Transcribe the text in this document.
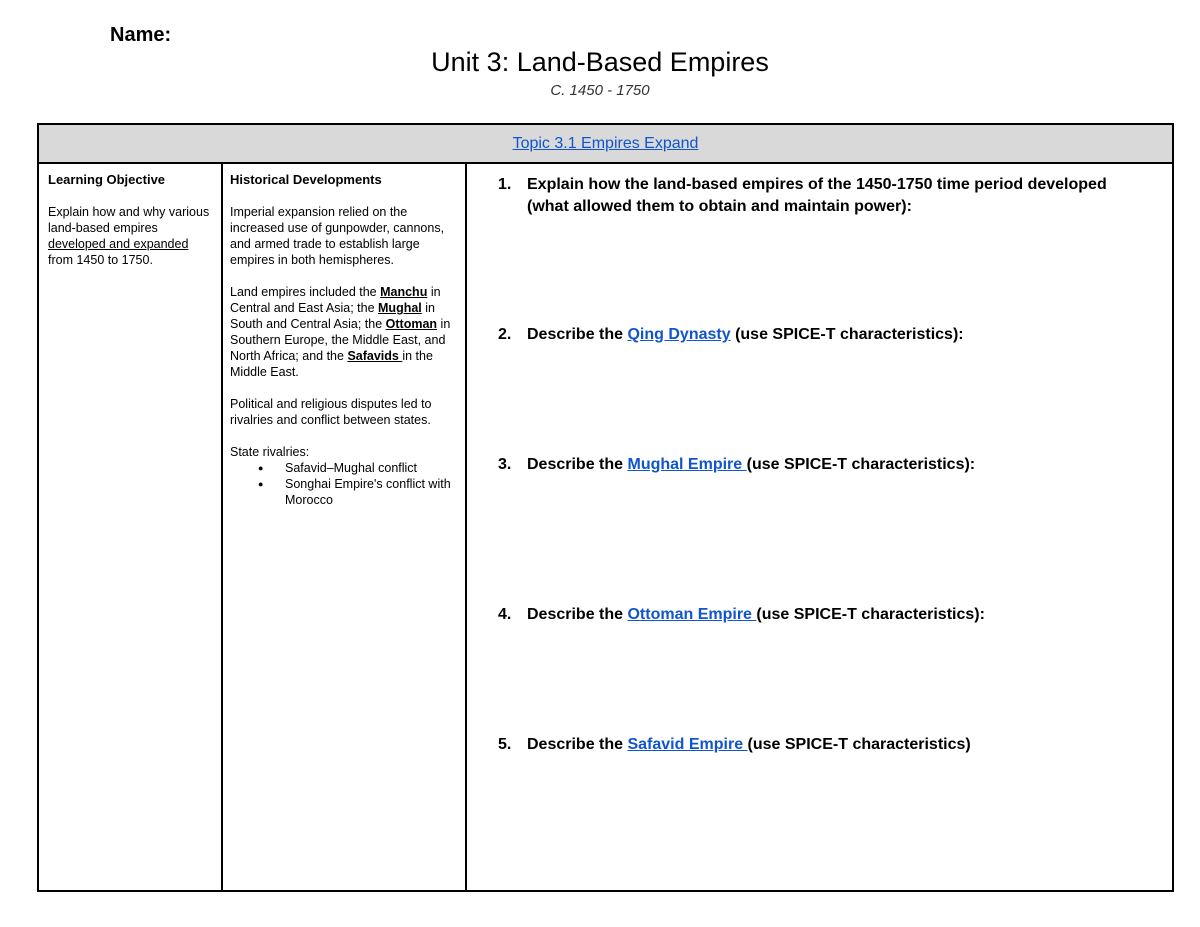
Name:
Unit 3: Land-Based Empires
C. 1450 - 1750
Topic 3.1 Empires Expand
Learning Objective

Explain how and why various land-based empires developed and expanded from 1450 to 1750.

Historical Developments

Imperial expansion relied on the increased use of gunpowder, cannons, and armed trade to establish large empires in both hemispheres.

Land empires included the Manchu in Central and East Asia; the Mughal in South and Central Asia; the Ottoman in Southern Europe, the Middle East, and North Africa; and the Safavids in the Middle East.

Political and religious disputes led to rivalries and conflict between states.

State rivalries:
● Safavid–Mughal conflict
● Songhai Empire's conflict with Morocco
1. Explain how the land-based empires of the 1450-1750 time period developed (what allowed them to obtain and maintain power):
2. Describe the Qing Dynasty (use SPICE-T characteristics):
3. Describe the Mughal Empire (use SPICE-T characteristics):
4. Describe the Ottoman Empire (use SPICE-T characteristics):
5. Describe the Safavid Empire (use SPICE-T characteristics)
